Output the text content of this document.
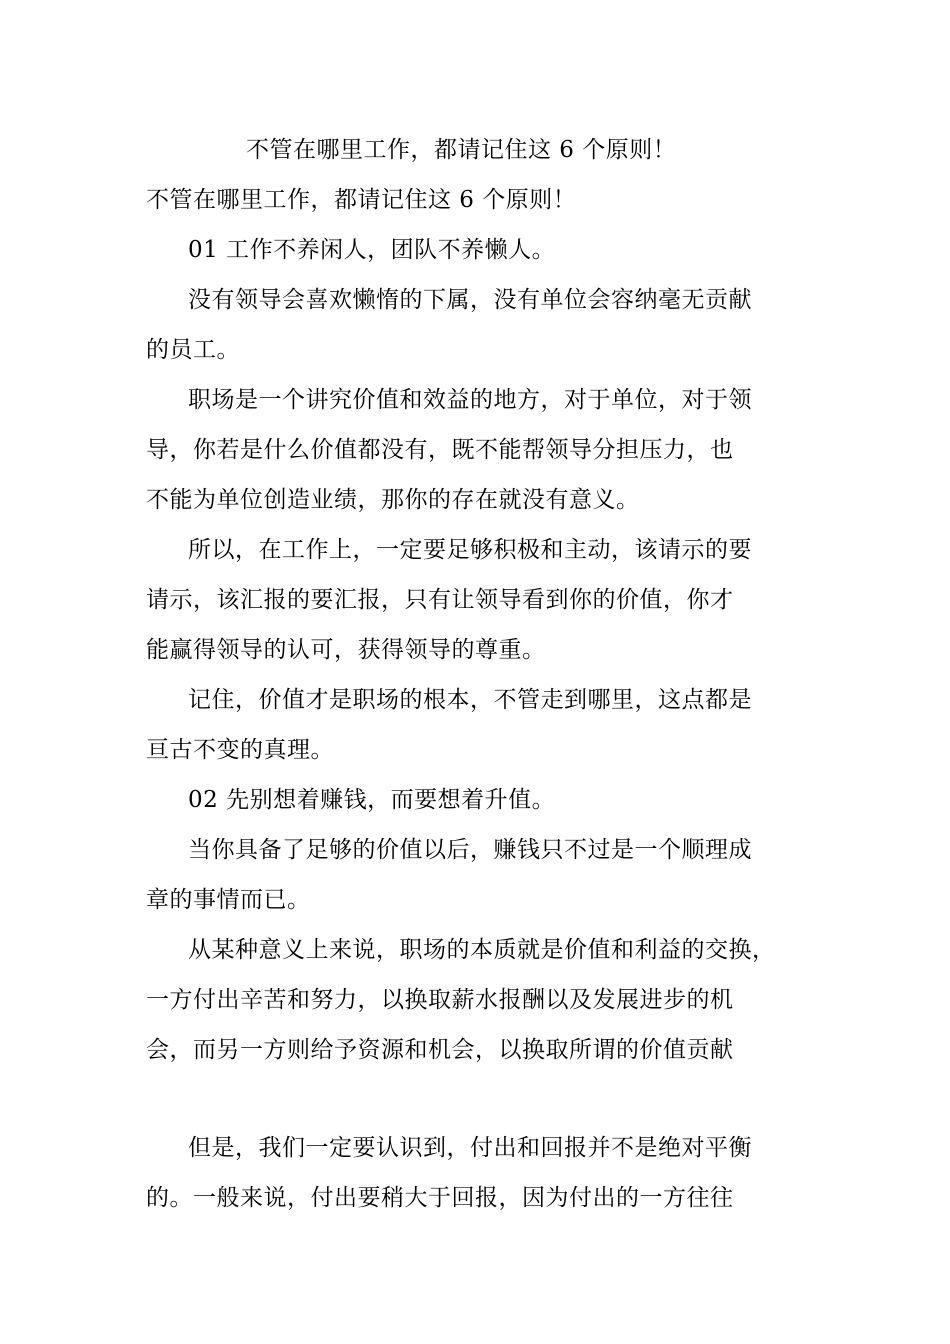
不管在哪里工作，都请记住这 6 个原则！
不管在哪里工作，都请记住这 6 个原则！
01 工作不养闲人，团队不养懒人。
没有领导会喜欢懒惰的下属，没有单位会容纳毫无贡献
的员工。
职场是一个讲究价值和效益的地方，对于单位，对于领
导，你若是什么价值都没有，既不能帮领导分担压力，也
不能为单位创造业绩，那你的存在就没有意义。
所以，在工作上，一定要足够积极和主动，该请示的要
请示，该汇报的要汇报，只有让领导看到你的价值，你才
能赢得领导的认可，获得领导的尊重。
记住，价值才是职场的根本，不管走到哪里，这点都是
亘古不变的真理。
02 先别想着赚钱，而要想着升值。
当你具备了足够的价值以后，赚钱只不过是一个顺理成
章的事情而已。
从某种意义上来说，职场的本质就是价值和利益的交换，
一方付出辛苦和努力，以换取薪水报酬以及发展进步的机
会，而另一方则给予资源和机会，以换取所谓的价值贡献
但是，我们一定要认识到，付出和回报并不是绝对平衡
的。一般来说，付出要稍大于回报，因为付出的一方往往
